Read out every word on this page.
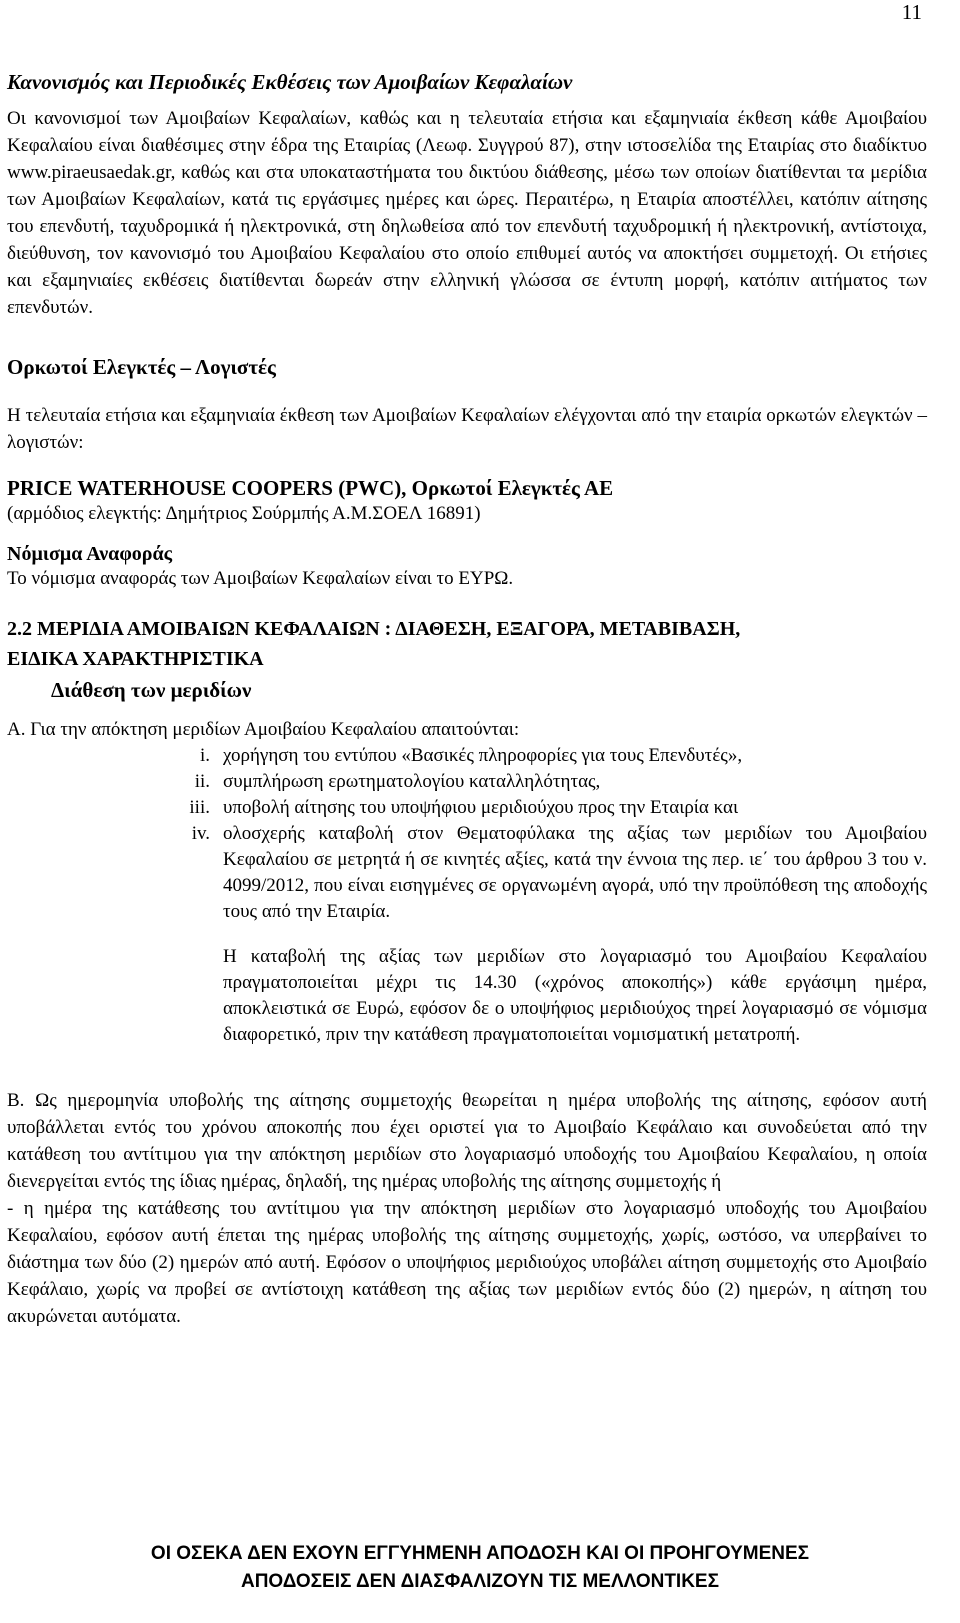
11

Κανονισμός και Περιοδικές Εκθέσεις των Αμοιβαίων Κεφαλαίων

Οι κανονισμοί των Αμοιβαίων Κεφαλαίων, καθώς και η τελευταία ετήσια και εξαμηνιαία έκθεση κάθε Αμοιβαίου Κεφαλαίου είναι διαθέσιμες στην έδρα της Εταιρίας (Λεωφ. Συγγρού 87), στην ιστοσελίδα της Εταιρίας στο διαδίκτυο www.piraeusaedak.gr, καθώς και στα υποκαταστήματα του δικτύου διάθεσης, μέσω των οποίων διατίθενται τα μερίδια των Αμοιβαίων Κεφαλαίων, κατά τις εργάσιμες ημέρες και ώρες. Περαιτέρω, η Εταιρία αποστέλλει, κατόπιν αίτησης του επενδυτή, ταχυδρομικά ή ηλεκτρονικά, στη δηλωθείσα από τον επενδυτή ταχυδρομική ή ηλεκτρονική, αντίστοιχα, διεύθυνση, τον κανονισμό του Αμοιβαίου Κεφαλαίου στο οποίο επιθυμεί αυτός να αποκτήσει συμμετοχή. Οι ετήσιες και εξαμηνιαίες εκθέσεις διατίθενται δωρεάν στην ελληνική γλώσσα σε έντυπη μορφή, κατόπιν αιτήματος των επενδυτών.

Ορκωτοί Ελεγκτές – Λογιστές

Η τελευταία ετήσια και εξαμηνιαία έκθεση των Αμοιβαίων Κεφαλαίων ελέγχονται από την εταιρία ορκωτών ελεγκτών – λογιστών:

PRICE WATERHOUSE COOPERS (PWC), Ορκωτοί Ελεγκτές ΑΕ

(αρμόδιος ελεγκτής: Δημήτριος Σούρμπής Α.Μ.ΣΟΕΛ 16891)

Νόμισμα Αναφοράς

Το νόμισμα αναφοράς των Αμοιβαίων Κεφαλαίων είναι το ΕΥΡΩ.

2.2 ΜΕΡΙΔΙΑ ΑΜΟΙΒΑΙΩΝ ΚΕΦΑΛΑΙΩΝ : ΔΙΑΘΕΣΗ, ΕΞΑΓΟΡΑ, ΜΕΤΑΒΙΒΑΣΗ,

ΕΙΔΙΚΑ ΧΑΡΑΚΤΗΡΙΣΤΙΚΑ

Διάθεση των μεριδίων

Α. Για την απόκτηση μεριδίων Αμοιβαίου Κεφαλαίου απαιτούνται:

i. χορήγηση του εντύπου «Βασικές πληροφορίες για τους Επενδυτές»,
ii. συμπλήρωση ερωτηματολογίου καταλληλότητας,
iii. υποβολή αίτησης του υποψήφιου μεριδιούχου προς την Εταιρία και
iv. ολοσχερής καταβολή στον Θεματοφύλακα της αξίας των μεριδίων του Αμοιβαίου Κεφαλαίου σε μετρητά ή σε κινητές αξίες, κατά την έννοια της περ. ιε΄ του άρθρου 3 του ν. 4099/2012, που είναι εισηγμένες σε οργανωμένη αγορά, υπό την προϋπόθεση της αποδοχής τους από την Εταιρία.

Η καταβολή της αξίας των μεριδίων στο λογαριασμό του Αμοιβαίου Κεφαλαίου πραγματοποιείται μέχρι τις 14.30 («χρόνος αποκοπής») κάθε εργάσιμη ημέρα, αποκλειστικά σε Ευρώ, εφόσον δε ο υποψήφιος μεριδιούχος τηρεί λογαριασμό σε νόμισμα διαφορετικό, πριν την κατάθεση πραγματοποιείται νομισματική μετατροπή.

Β. Ως ημερομηνία υποβολής της αίτησης συμμετοχής θεωρείται η ημέρα υποβολής της αίτησης, εφόσον αυτή υποβάλλεται εντός του χρόνου αποκοπής που έχει οριστεί για το Αμοιβαίο Κεφάλαιο και συνοδεύεται από την κατάθεση του αντίτιμου για την απόκτηση μεριδίων στο λογαριασμό υποδοχής του Αμοιβαίου Κεφαλαίου, η οποία διενεργείται εντός της ίδιας ημέρας, δηλαδή, της ημέρας υποβολής της αίτησης συμμετοχής ή

- η ημέρα της κατάθεσης του αντίτιμου για την απόκτηση μεριδίων στο λογαριασμό υποδοχής του Αμοιβαίου Κεφαλαίου, εφόσον αυτή έπεται της ημέρας υποβολής της αίτησης συμμετοχής, χωρίς, ωστόσο, να υπερβαίνει το διάστημα των δύο (2) ημερών από αυτή. Εφόσον ο υποψήφιος μεριδιούχος υποβάλει αίτηση συμμετοχής στο Αμοιβαίο Κεφάλαιο, χωρίς να προβεί σε αντίστοιχη κατάθεση της αξίας των μεριδίων εντός δύο (2) ημερών, η αίτηση του ακυρώνεται αυτόματα.

ΟΙ ΟΣΕΚΑ ΔΕΝ ΕΧΟΥΝ ΕΓΓΥΗΜΕΝΗ ΑΠΟΔΟΣΗ ΚΑΙ ΟΙ ΠΡΟΗΓΟΥΜΕΝΕΣ
ΑΠΟΔΟΣΕΙΣ ΔΕΝ ΔΙΑΣΦΑΛΙΖΟΥΝ ΤΙΣ ΜΕΛΛΟΝΤΙΚΕΣ
